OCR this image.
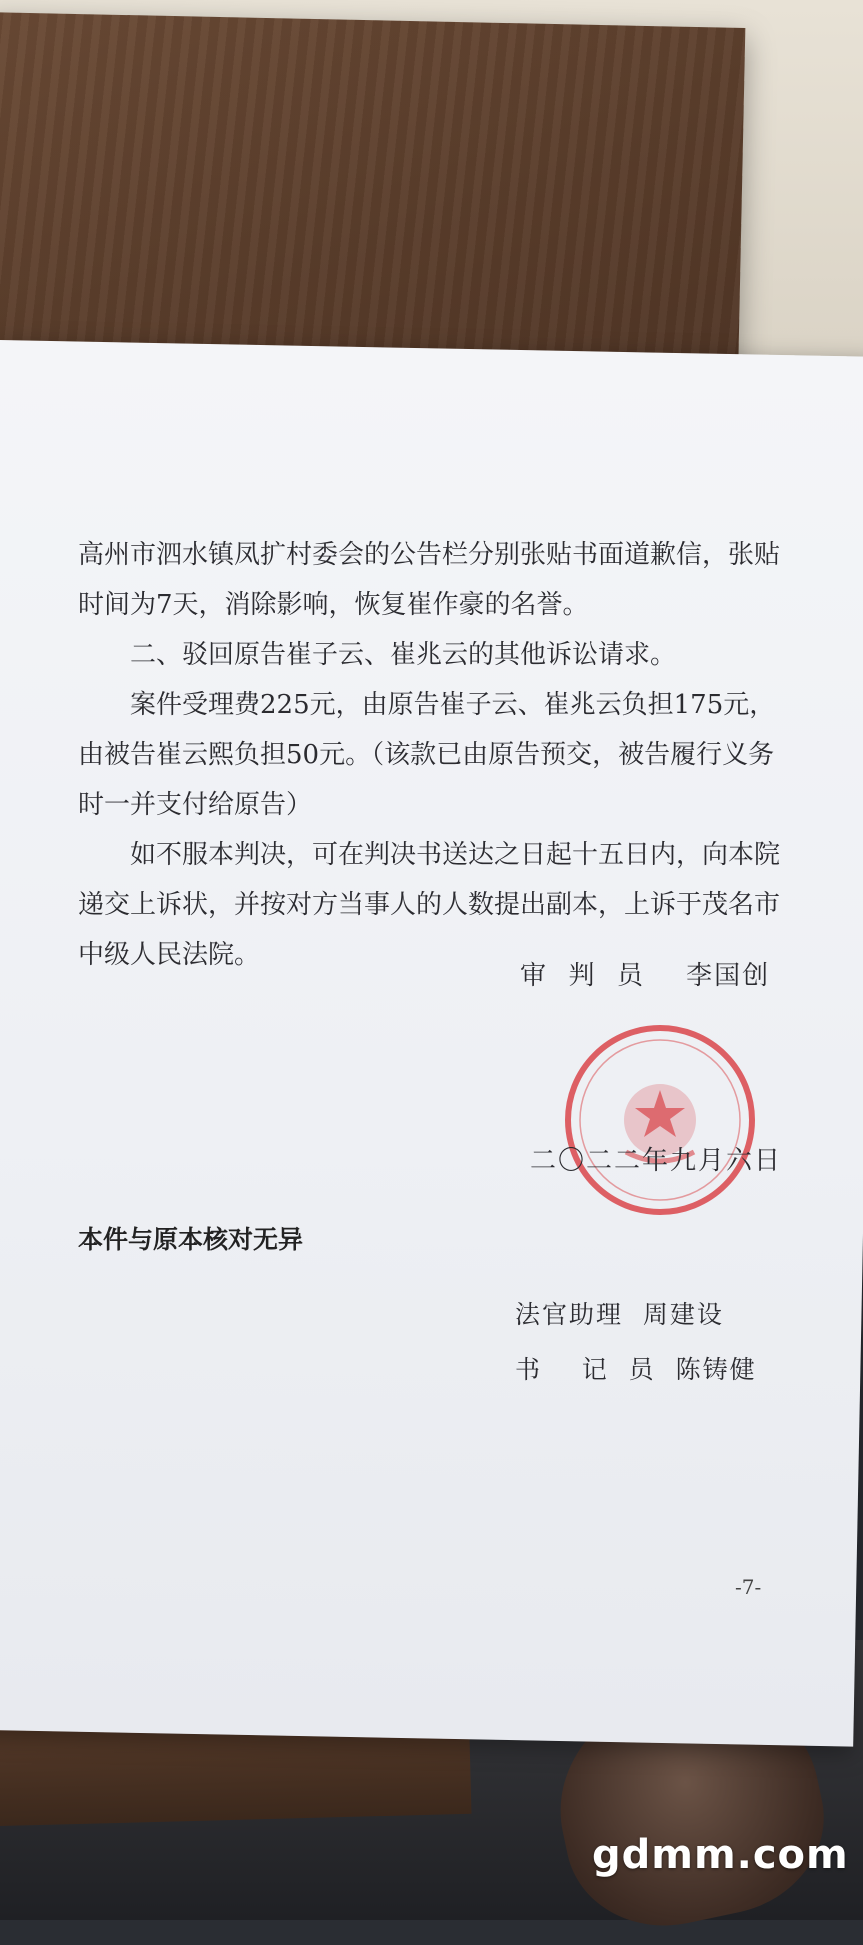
高州市泗水镇凤扩村委会的公告栏分别张贴书面道歉信，张贴时间为7天，消除影响，恢复崔作豪的名誉。

二、驳回原告崔子云、崔兆云的其他诉讼请求。

案件受理费225元，由原告崔子云、崔兆云负担175元，由被告崔云熙负担50元。（该款已由原告预交，被告履行义务时一并支付给原告）

如不服本判决，可在判决书送达之日起十五日内，向本院递交上诉状，并按对方当事人的人数提出副本，上诉于茂名市中级人民法院。

审  判  员    李国创
二〇二二年九月六日
本件与原本核对无异
法官助理  周建设
书    记  员  陈铸健
-7-
gdmm.com
